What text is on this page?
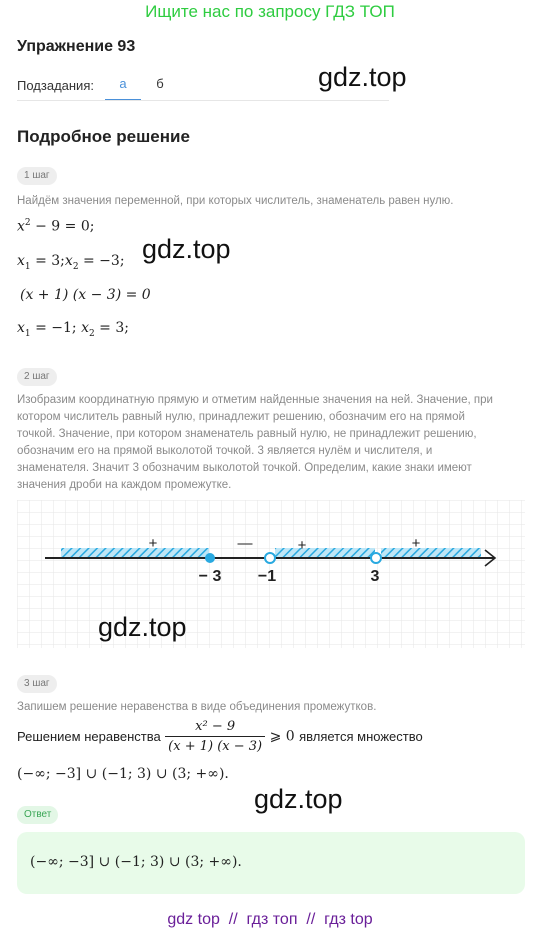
Ищите нас по запросу ГДЗ ТОП
Упражнение 93
Подзадания:	а	б	gdz.top
Подробное решение
1 шаг
Найдём значения переменной, при которых числитель, знаменатель равен нулю.
$x^2 - 9 = 0$;
gdz.top
$x_1$ = $3;x_2 = -3$;
(x + 1) (x − 3) = 0
$x_1 = -1$; $x_2 = 3$;
2 шаг
Изобразим координатную прямую и отметим найденные значения на ней. Значение, при
котором числитель равный нулю, принадлежит решению, обозначим его на прямой
точкой. Значение, при котором знаменатель равный нулю, не принадлежит решению,
обозначим его на прямой выколотой точкой. 3 является нулём и числителя, и
знаменателя. Значит 3 обозначим выколотой точкой. Определим, какие знаки имеют
значения дроби на каждом промежутке.
+	—	+	+
− 3 −1	3
gdz.top
3 шаг
Запишем решение неравенства в виде объединения промежутков.
Решением неравенства $\frac{\text{x² − 9}}{(x + 1) (x - 3)}$ ⩾ 0 является множество
(−∞; −3] ∪ (−1; 3) ∪ (3; +∞).
gdz.top
Ответ
(−∞; −3] ∪ (−1; 3) ∪ (3; +∞).
gdz top  //  гдз топ  //  гдз top
